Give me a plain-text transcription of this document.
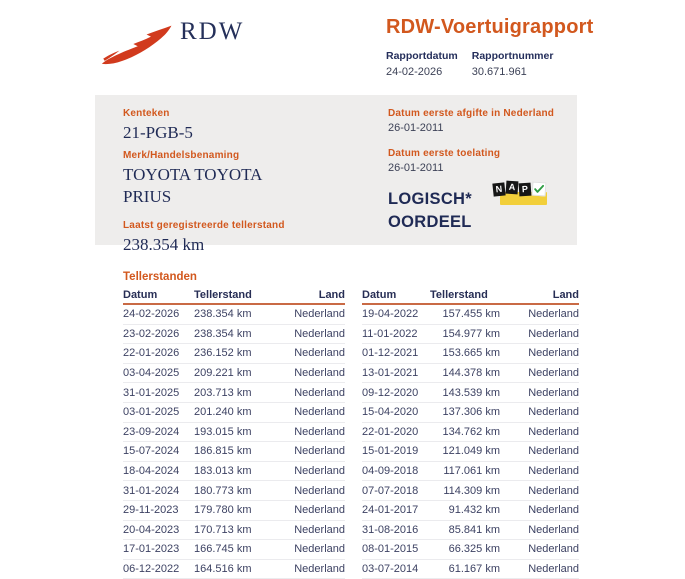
RDW	RDW-Voertuigrapport
Rapportdatum
24-02-2026
Rapportnummer
30.671.961
Kenteken
21-PGB-5
Merk/Handelsbenaming
TOYOTA TOYOTA PRIUS
Laatst geregistreerde tellerstand
238.354 km
Datum eerste afgifte in Nederland
26-01-2011
Datum eerste toelating
26-01-2011
LOGISCH*
OORDEEL
N A P
Tellerstanden
Datum	Tellerstand	Land
24-02-2026	238.354 km	Nederland
23-02-2026	238.354 km	Nederland
22-01-2026	236.152 km	Nederland
03-04-2025	209.221 km	Nederland
31-01-2025	203.713 km	Nederland
03-01-2025	201.240 km	Nederland
23-09-2024	193.015 km	Nederland
15-07-2024	186.815 km	Nederland
18-04-2024	183.013 km	Nederland
31-01-2024	180.773 km	Nederland
29-11-2023	179.780 km	Nederland
20-04-2023	170.713 km	Nederland
17-01-2023	166.745 km	Nederland
06-12-2022	164.516 km	Nederland
Datum	Tellerstand	Land
19-04-2022	157.455 km	Nederland
11-01-2022	154.977 km	Nederland
01-12-2021	153.665 km	Nederland
13-01-2021	144.378 km	Nederland
09-12-2020	143.539 km	Nederland
15-04-2020	137.306 km	Nederland
22-01-2020	134.762 km	Nederland
15-01-2019	121.049 km	Nederland
04-09-2018	117.061 km	Nederland
07-07-2018	114.309 km	Nederland
24-01-2017	91.432 km	Nederland
31-08-2016	85.841 km	Nederland
08-01-2015	66.325 km	Nederland
03-07-2014	61.167 km	Nederland
